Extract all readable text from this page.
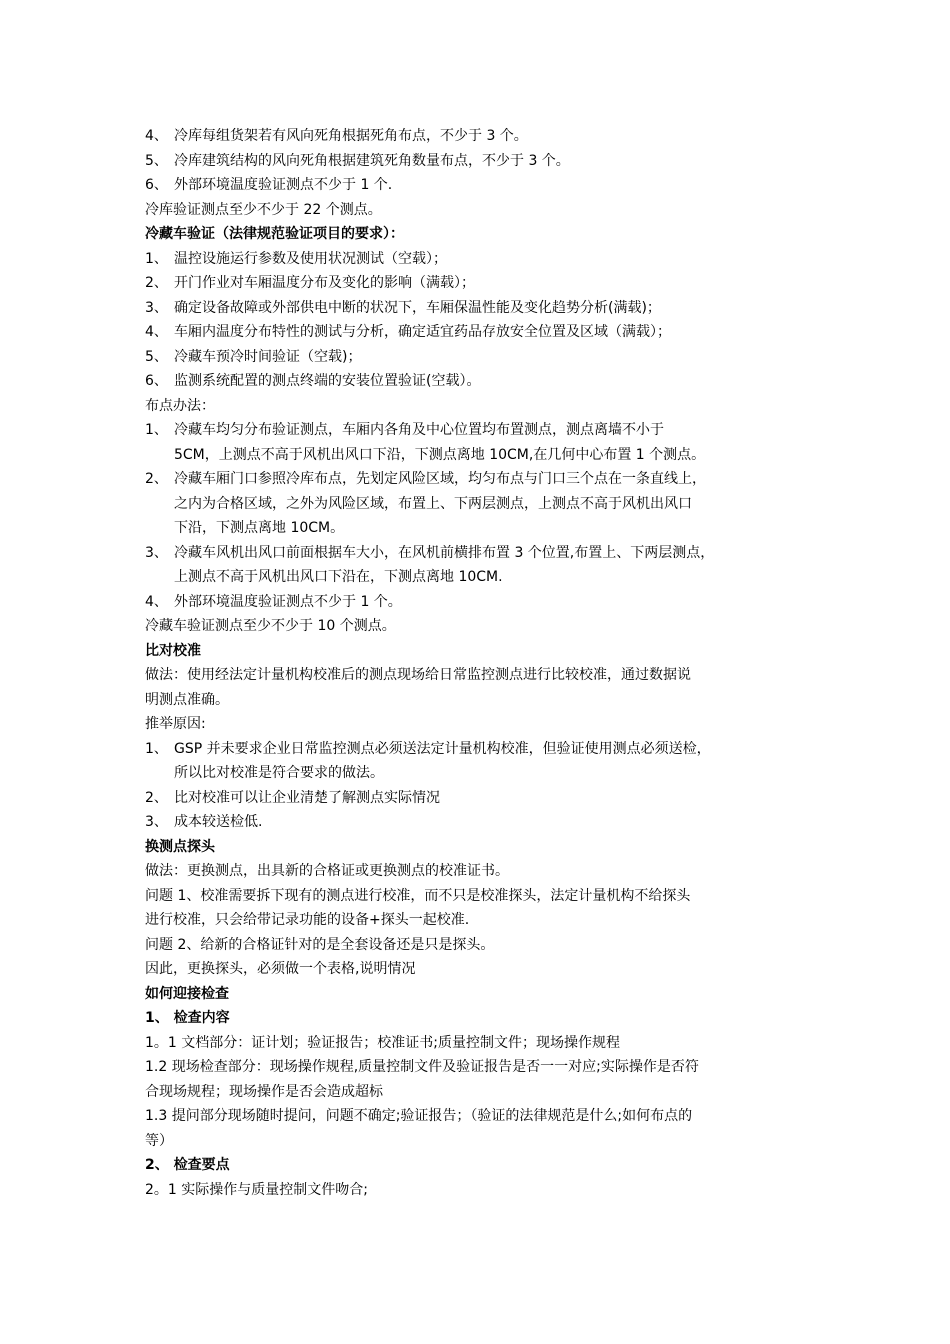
4、 冷库每组货架若有风向死角根据死角布点，不少于 3 个。
5、 冷库建筑结构的风向死角根据建筑死角数量布点，不少于 3 个。
6、 外部环境温度验证测点不少于 1 个.
冷库验证测点至少不少于 22 个测点。
冷藏车验证（法律规范验证项目的要求）：
1、 温控设施运行参数及使用状况测试（空载）；
2、 开门作业对车厢温度分布及变化的影响（满载）；
3、 确定设备故障或外部供电中断的状况下，车厢保温性能及变化趋势分析(满载)；
4、 车厢内温度分布特性的测试与分析，确定适宜药品存放安全位置及区域（满载）；
5、 冷藏车预冷时间验证（空载)；
6、 监测系统配置的测点终端的安装位置验证(空载）。
布点办法：
1、 冷藏车均匀分布验证测点，车厢内各角及中心位置均布置测点，测点离墙不小于
5CM，上测点不高于风机出风口下沿，下测点离地 10CM,在几何中心布置 1 个测点。
2、 冷藏车厢门口参照冷库布点，先划定风险区域，均匀布点与门口三个点在一条直线上，
之内为合格区域，之外为风险区域，布置上、下两层测点，上测点不高于风机出风口
下沿，下测点离地 10CM。
3、 冷藏车风机出风口前面根据车大小，在风机前横排布置 3 个位置,布置上、下两层测点，
上测点不高于风机出风口下沿在，下测点离地 10CM.
4、 外部环境温度验证测点不少于 1 个。
冷藏车验证测点至少不少于 10 个测点。
比对校准
做法：使用经法定计量机构校准后的测点现场给日常监控测点进行比较校准，通过数据说
明测点准确。
推举原因:
1、 GSP 并未要求企业日常监控测点必须送法定计量机构校准，但验证使用测点必须送检，
所以比对校准是符合要求的做法。
2、 比对校准可以让企业清楚了解测点实际情况
3、 成本较送检低.
换测点探头
做法：更换测点，出具新的合格证或更换测点的校准证书。
问题 1、校准需要拆下现有的测点进行校准，而不只是校准探头，法定计量机构不给探头
进行校准，只会给带记录功能的设备+探头一起校准.
问题 2、给新的合格证针对的是全套设备还是只是探头。
因此，更换探头，必须做一个表格,说明情况
如何迎接检查
1、 检查内容
1。1 文档部分：证计划；验证报告；校准证书;质量控制文件；现场操作规程
1.2 现场检查部分：现场操作规程,质量控制文件及验证报告是否一一对应;实际操作是否符
合现场规程；现场操作是否会造成超标
1.3 提问部分现场随时提问，问题不确定;验证报告；（验证的法律规范是什么;如何布点的
等）
2、 检查要点
2。1 实际操作与质量控制文件吻合;
